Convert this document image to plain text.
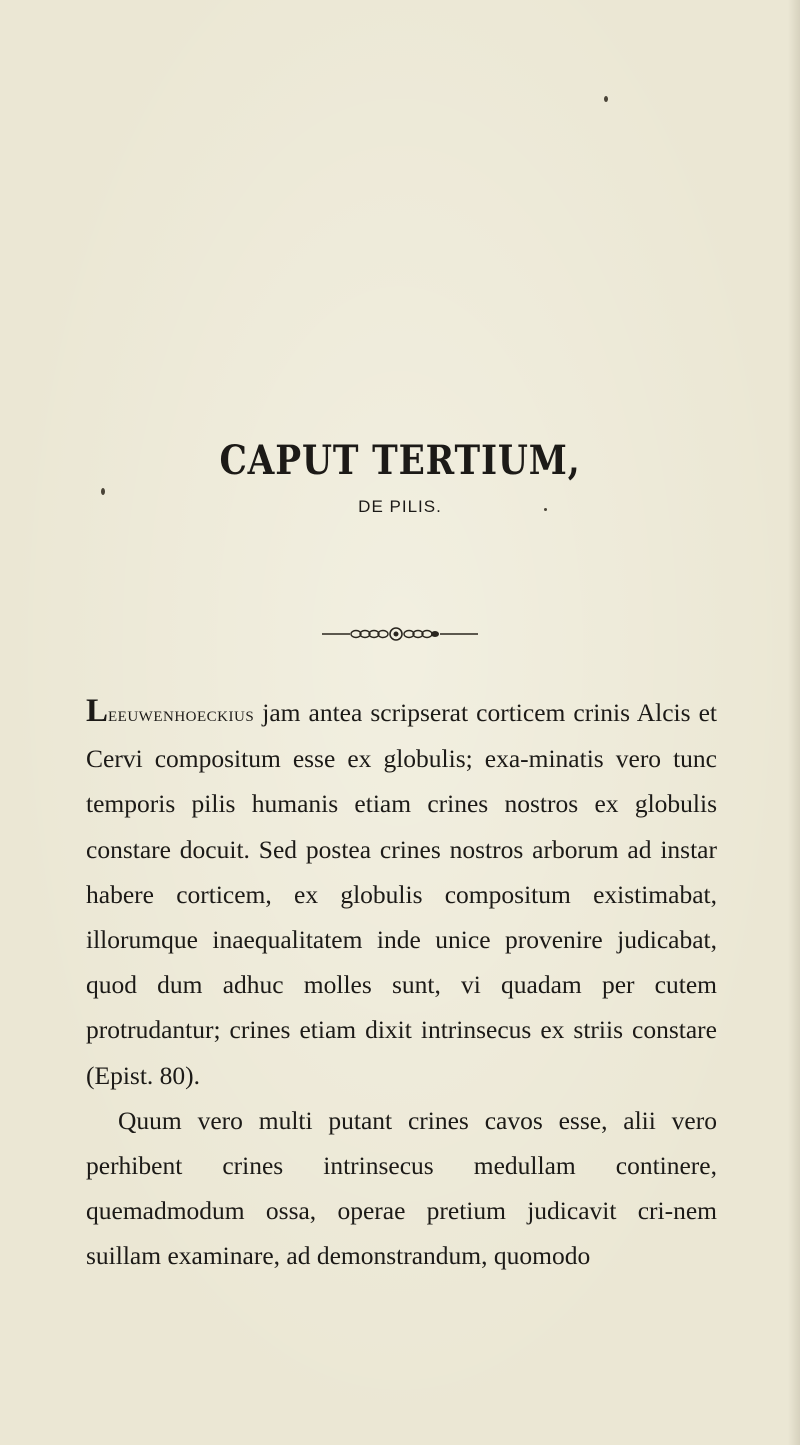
CAPUT TERTIUM,
DE PILIS.

Leeuwenhoeckius jam antea scripserat corticem crinis Alcis et Cervi compositum esse ex globulis; exa-minatis vero tunc temporis pilis humanis etiam crines nostros ex globulis constare docuit. Sed postea crines nostros arborum ad instar habere corticem, ex globulis compositum existimabat, illorumque inaequalitatem inde unice provenire judicabat, quod dum adhuc molles sunt, vi quadam per cutem protrudantur; crines etiam dixit intrinsecus ex striis constare (Epist. 80).

Quum vero multi putant crines cavos esse, alii vero perhibent crines intrinsecus medullam continere, quemadmodum ossa, operae pretium judicavit cri-nem suillam examinare, ad demonstrandum, quomodo
